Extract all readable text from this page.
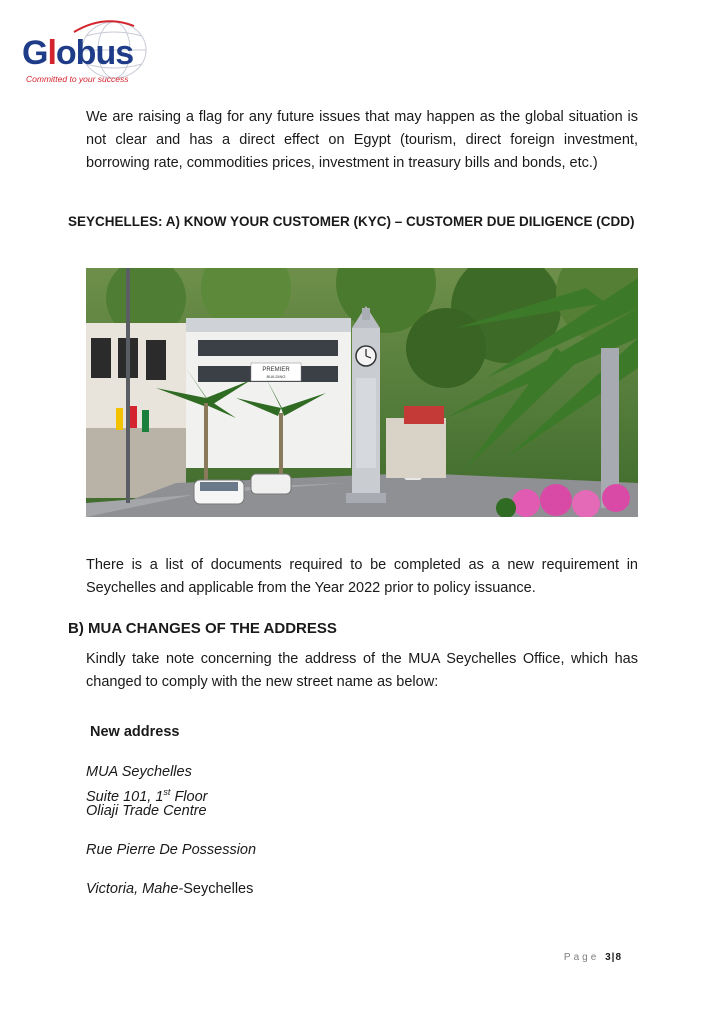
Globus
Committed to your success

We are raising a flag for any future issues that may happen as the global situation is not clear and has a direct effect on Egypt (tourism, direct foreign investment, borrowing rate, commodities prices, investment in treasury bills and bonds, etc.)

SEYCHELLES: A) KNOW YOUR CUSTOMER (KYC) – CUSTOMER DUE DILIGENCE (CDD)

PREMIER
BUILDING

There is a list of documents required to be completed as a new requirement in Seychelles and applicable from the Year 2022 prior to policy issuance.

B) MUA CHANGES OF THE ADDRESS

Kindly take note concerning the address of the MUA Seychelles Office, which has changed to comply with the new street name as below:

New address

MUA Seychelles

Suite 101, 1st Floor

Oliaji Trade Centre

Rue Pierre De Possession

Victoria, Mahe-Seychelles

Page 3|8
